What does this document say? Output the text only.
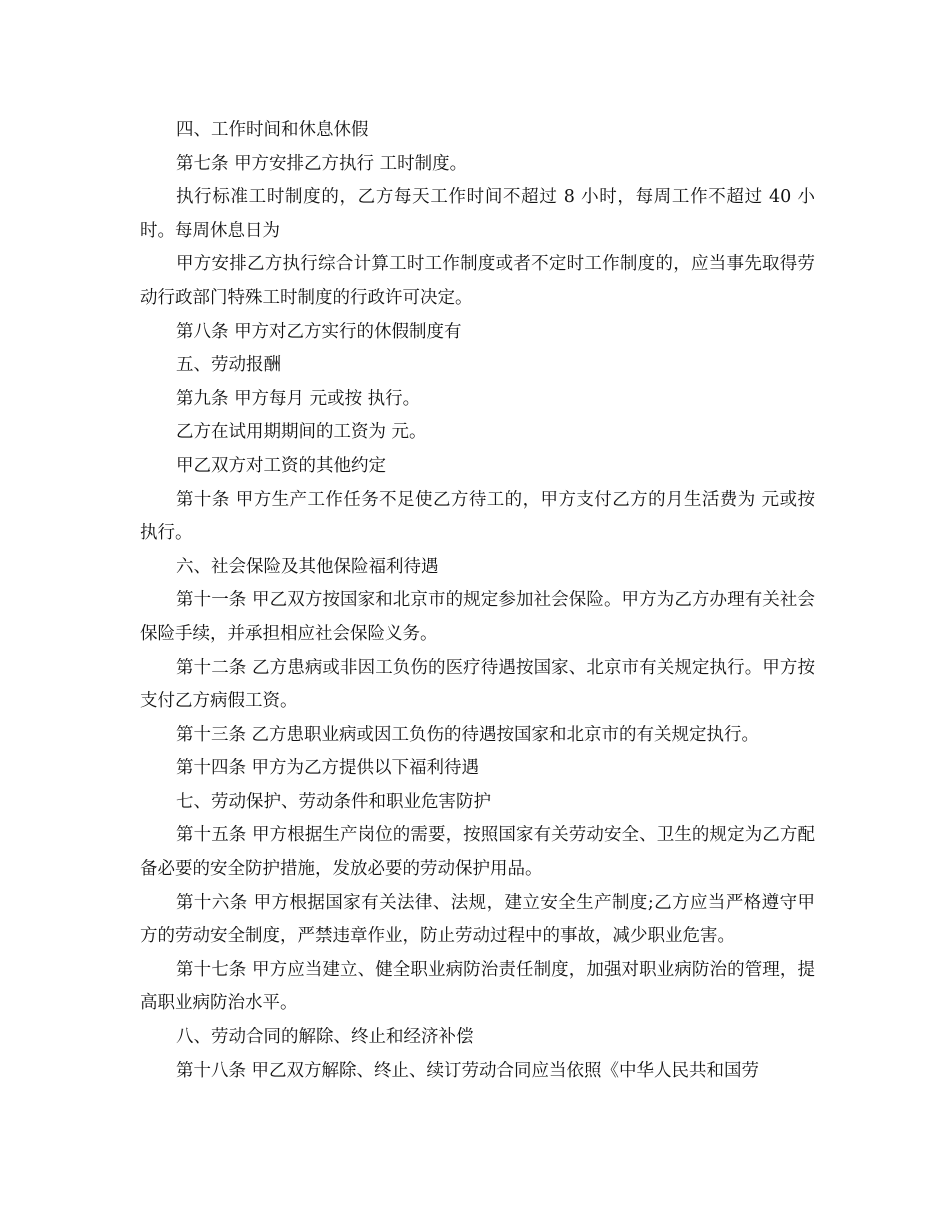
四、工作时间和休息休假

第七条 甲方安排乙方执行 工时制度。

执行标准工时制度的，乙方每天工作时间不超过 8 小时，每周工作不超过 40 小时。每周休息日为

甲方安排乙方执行综合计算工时工作制度或者不定时工作制度的，应当事先取得劳动行政部门特殊工时制度的行政许可决定。

第八条 甲方对乙方实行的休假制度有

五、劳动报酬

第九条 甲方每月 元或按 执行。

乙方在试用期期间的工资为 元。

甲乙双方对工资的其他约定

第十条 甲方生产工作任务不足使乙方待工的，甲方支付乙方的月生活费为 元或按 执行。

六、社会保险及其他保险福利待遇

第十一条 甲乙双方按国家和北京市的规定参加社会保险。甲方为乙方办理有关社会保险手续，并承担相应社会保险义务。

第十二条 乙方患病或非因工负伤的医疗待遇按国家、北京市有关规定执行。甲方按 支付乙方病假工资。

第十三条 乙方患职业病或因工负伤的待遇按国家和北京市的有关规定执行。

第十四条 甲方为乙方提供以下福利待遇

七、劳动保护、劳动条件和职业危害防护

第十五条 甲方根据生产岗位的需要，按照国家有关劳动安全、卫生的规定为乙方配备必要的安全防护措施，发放必要的劳动保护用品。

第十六条 甲方根据国家有关法律、法规，建立安全生产制度;乙方应当严格遵守甲方的劳动安全制度，严禁违章作业，防止劳动过程中的事故，减少职业危害。

第十七条 甲方应当建立、健全职业病防治责任制度，加强对职业病防治的管理，提高职业病防治水平。

八、劳动合同的解除、终止和经济补偿

第十八条 甲乙双方解除、终止、续订劳动合同应当依照《中华人民共和国劳
